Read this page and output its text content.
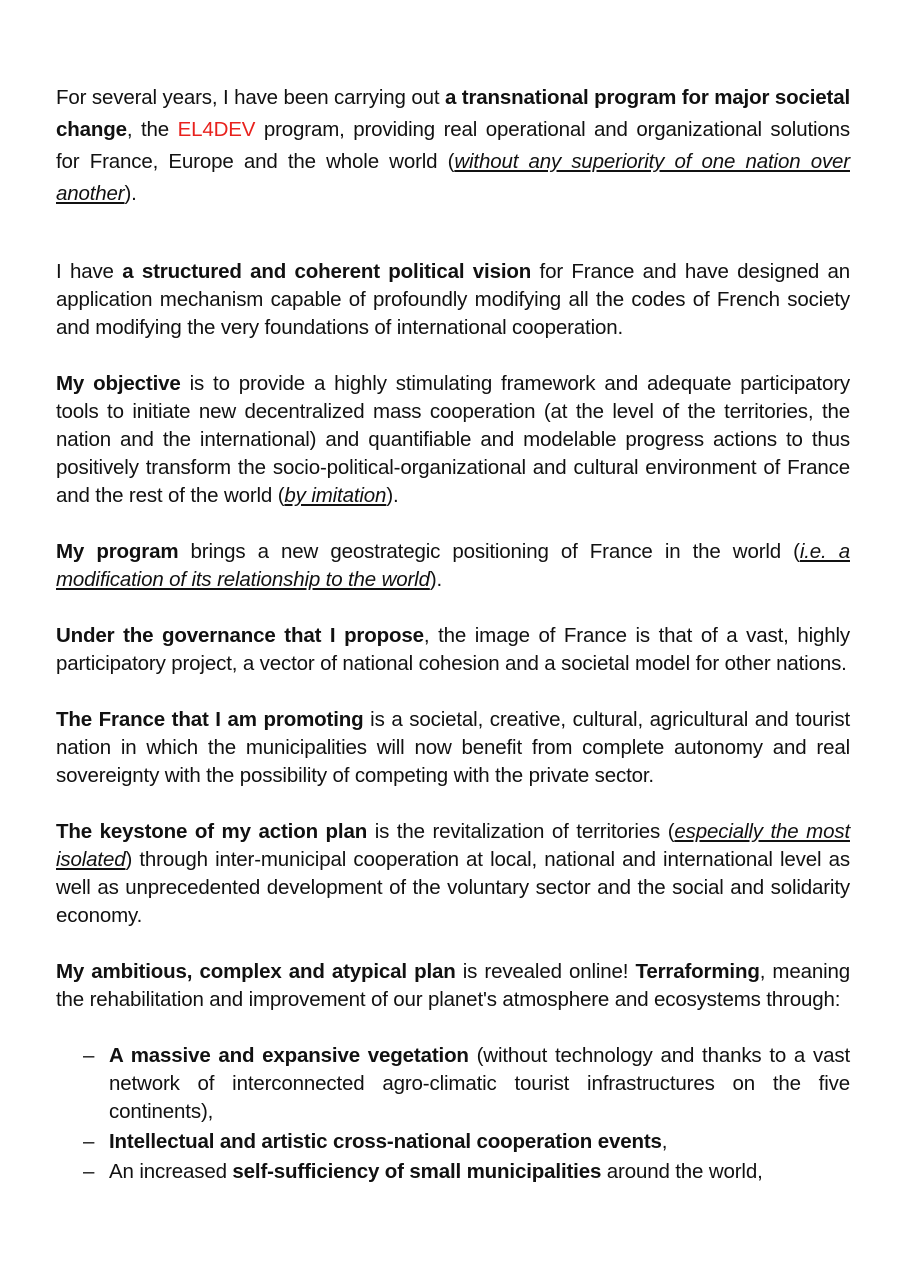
For several years, I have been carrying out a transnational program for major societal change, the EL4DEV program, providing real operational and organizational solutions for France, Europe and the whole world (without any superiority of one nation over another).

I have a structured and coherent political vision for France and have designed an application mechanism capable of profoundly modifying all the codes of French society and modifying the very foundations of international cooperation.

My objective is to provide a highly stimulating framework and adequate participatory tools to initiate new decentralized mass cooperation (at the level of the territories, the nation and the international) and quantifiable and modelable progress actions to thus positively transform the socio-political-organizational and cultural environment of France and the rest of the world (by imitation).

My program brings a new geostrategic positioning of France in the world (i.e. a modification of its relationship to the world).

Under the governance that I propose, the image of France is that of a vast, highly participatory project, a vector of national cohesion and a societal model for other nations.

The France that I am promoting is a societal, creative, cultural, agricultural and tourist nation in which the municipalities will now benefit from complete autonomy and real sovereignty with the possibility of competing with the private sector.

The keystone of my action plan is the revitalization of territories (especially the most isolated) through inter-municipal cooperation at local, national and international level as well as unprecedented development of the voluntary sector and the social and solidarity economy.

My ambitious, complex and atypical plan is revealed online! Terraforming, meaning the rehabilitation and improvement of our planet's atmosphere and ecosystems through:

– A massive and expansive vegetation (without technology and thanks to a vast network of interconnected agro-climatic tourist infrastructures on the five continents),
– Intellectual and artistic cross-national cooperation events,
– An increased self-sufficiency of small municipalities around the world,
